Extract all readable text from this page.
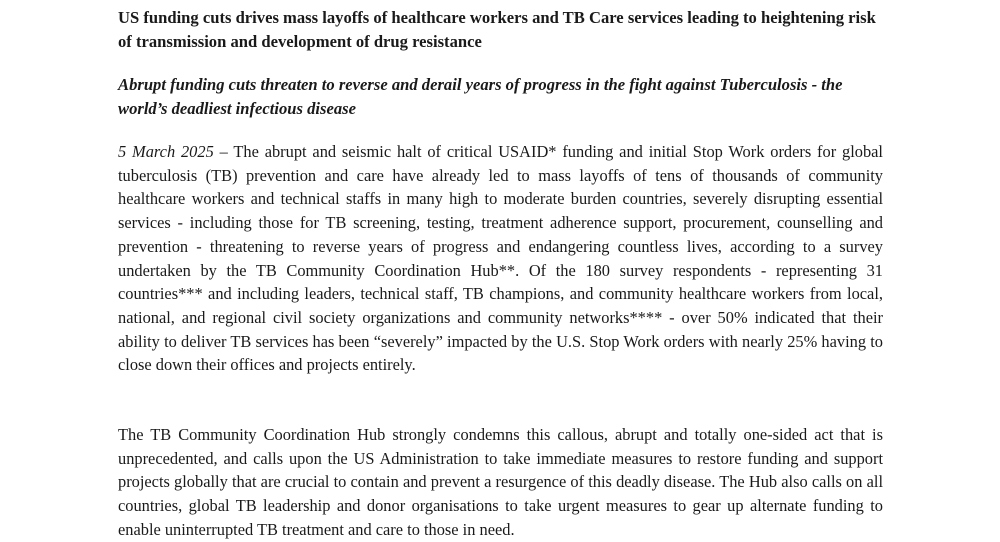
US funding cuts drives mass layoffs of healthcare workers and TB Care services leading to heightening risk of transmission and development of drug resistance
Abrupt funding cuts threaten to reverse and derail years of progress in the fight against Tuberculosis - the world’s deadliest infectious disease
5 March 2025 – The abrupt and seismic halt of critical USAID* funding and initial Stop Work orders for global tuberculosis (TB) prevention and care have already led to mass layoffs of tens of thousands of community healthcare workers and technical staffs in many high to moderate burden countries, severely disrupting essential services - including those for TB screening, testing, treatment adherence support, procurement, counselling and prevention - threatening to reverse years of progress and endangering countless lives, according to a survey undertaken by the TB Community Coordination Hub**. Of the 180 survey respondents - representing 31 countries*** and including leaders, technical staff, TB champions, and community healthcare workers from local, national, and regional civil society organizations and community networks**** - over 50% indicated that their ability to deliver TB services has been “severely” impacted by the U.S. Stop Work orders with nearly 25% having to close down their offices and projects entirely.
The TB Community Coordination Hub strongly condemns this callous, abrupt and totally one-sided act that is unprecedented, and calls upon the US Administration to take immediate measures to restore funding and support projects globally that are crucial to contain and prevent a resurgence of this deadly disease. The Hub also calls on all countries, global TB leadership and donor organisations to take urgent measures to gear up alternate funding to enable uninterrupted TB treatment and care to those in need.
